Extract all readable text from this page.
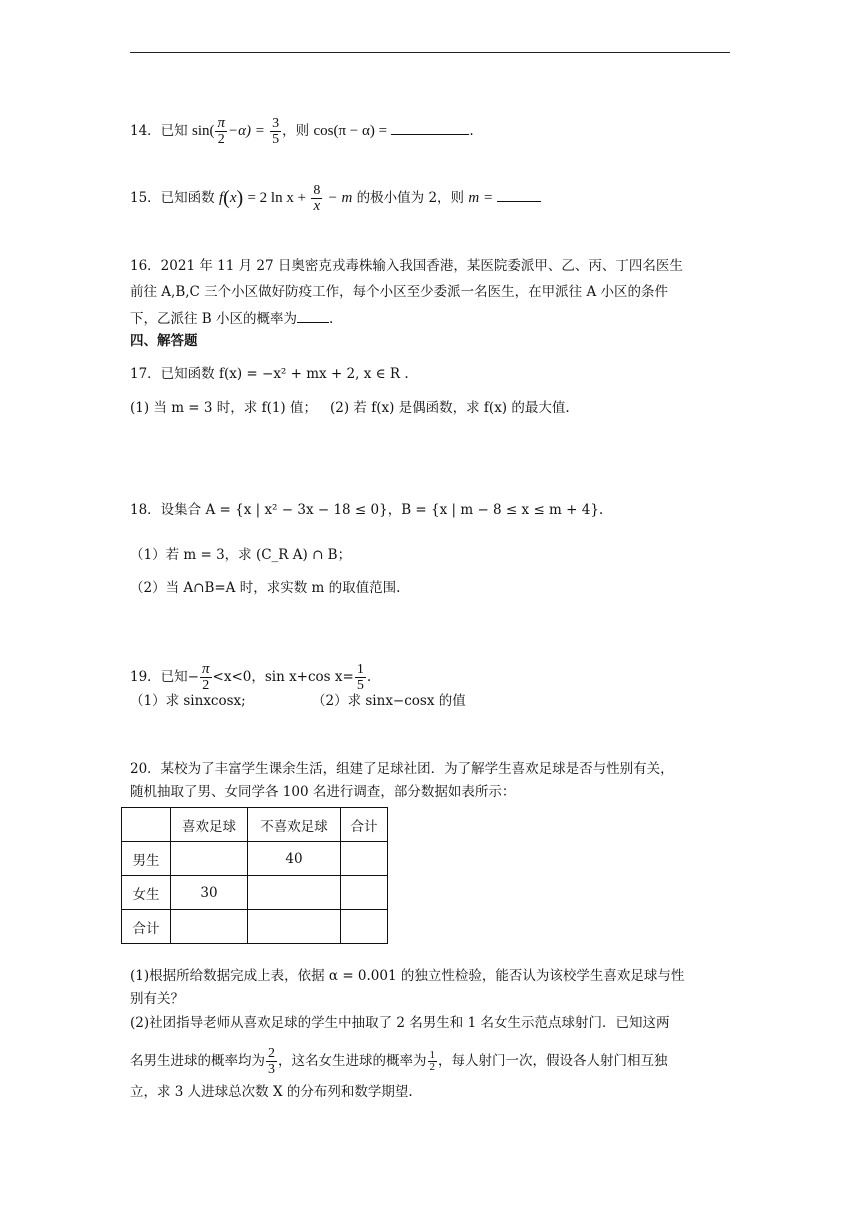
14．已知 $\sin( \frac{\pi}{2} -\alpha) = \frac{3}{5}$ ，则 cos(π − α) =	.
15．已知函数 f(x) = 2 $\ln x + \frac{8}{x} - m$ 的极小值为 2，则 m =
16．2021 年 11 月 27 日奥密克戎毒株输入我国香港，某医院委派甲、乙、丙、丁四名医生
前往 A,B,C 三个小区做好防疫工作，每个小区至少委派一名医生，在甲派往 A 小区的条件
下，乙派往 B 小区的概率为 .
四、解答题
17．已知函数 f(x) = −x² + mx + 2, x ∈ R .
(1) 当 m = 3 时，求 f(1) 值； (2) 若 f(x) 是偶函数，求 f(x) 的最大值.
18．设集合 A = {x | x² − 3x − 18 ≤ 0}，B = {x | m − 8 ≤ x ≤ m + 4}.
（1）若 m = 3，求 (C_R A) ∩ B；
（2）当 A∩B=A 时，求实数 m 的取值范围.
19．已知− $\frac{\pi}{2} <x<0$，sin x+cos $x= \frac{1}{5}$ .
（1）求 sinxcosx;	（2）求 sinx−cosx 的值
20．某校为了丰富学生课余生活，组建了足球社团．为了解学生喜欢足球是否与性别有关，
随机抽取了男、女同学各 100 名进行调查，部分数据如表所示：
	喜欢足球	不喜欢足球	合计
男生		40	
女生	30		
合计			
(1)根据所给数据完成上表，依据 α = 0.001 的独立性检验，能否认为该校学生喜欢足球与性
别有关？
(2)社团指导老师从喜欢足球的学生中抽取了 2 名男生和 1 名女生示范点球射门．已知这两
名男生进球的概率均为 $\frac{2}{3}$ ，这名女生进球的概率为 $\frac{1}{2}$ ，每人射门一次，假设各人射门相互独
立，求 3 人进球总次数 X 的分布列和数学期望.
